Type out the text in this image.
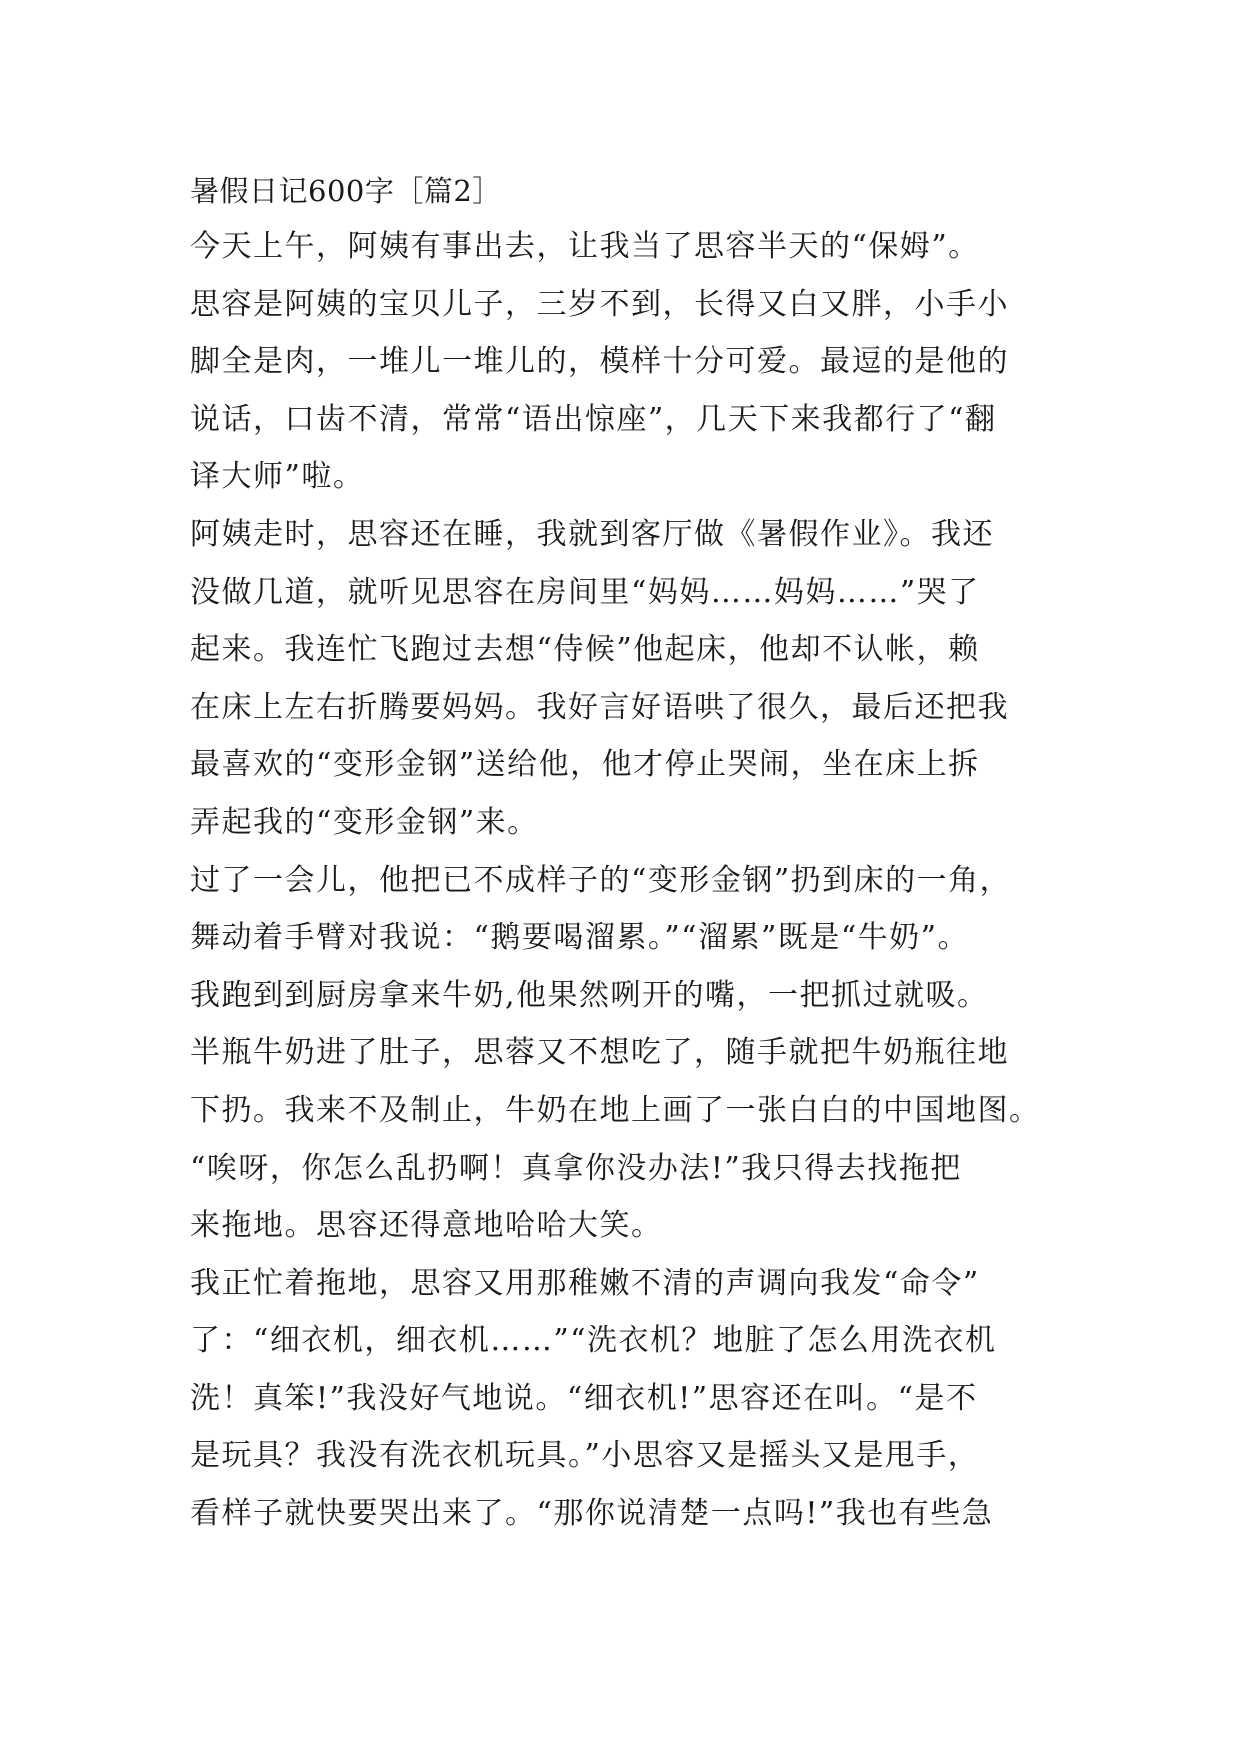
暑假日记600字［篇2］
今天上午，阿姨有事出去，让我当了思容半天的“保姆”。
思容是阿姨的宝贝儿子，三岁不到，长得又白又胖，小手小
脚全是肉，一堆儿一堆儿的，模样十分可爱。最逗的是他的
说话，口齿不清，常常“语出惊座”，几天下来我都行了“翻
译大师”啦。
阿姨走时，思容还在睡，我就到客厅做《暑假作业》。我还
没做几道，就听见思容在房间里“妈妈……妈妈……”哭了
起来。我连忙飞跑过去想“侍候”他起床，他却不认帐，赖
在床上左右折腾要妈妈。我好言好语哄了很久，最后还把我
最喜欢的“变形金钢”送给他，他才停止哭闹，坐在床上拆
弄起我的“变形金钢”来。
过了一会儿，他把已不成样子的“变形金钢”扔到床的一角，
舞动着手臂对我说：“鹅要喝溜累。”“溜累”既是“牛奶”。
我跑到到厨房拿来牛奶,他果然咧开的嘴，一把抓过就吸。
半瓶牛奶进了肚子，思蓉又不想吃了，随手就把牛奶瓶往地
下扔。我来不及制止，牛奶在地上画了一张白白的中国地图。
“唉呀，你怎么乱扔啊！真拿你没办法!”我只得去找拖把
来拖地。思容还得意地哈哈大笑。
我正忙着拖地，思容又用那稚嫩不清的声调向我发“命令”
了：“细衣机，细衣机……”“洗衣机？地脏了怎么用洗衣机
洗！真笨!”我没好气地说。“细衣机!”思容还在叫。“是不
是玩具？我没有洗衣机玩具。”小思容又是摇头又是甩手，
看样子就快要哭出来了。“那你说清楚一点吗!”我也有些急
